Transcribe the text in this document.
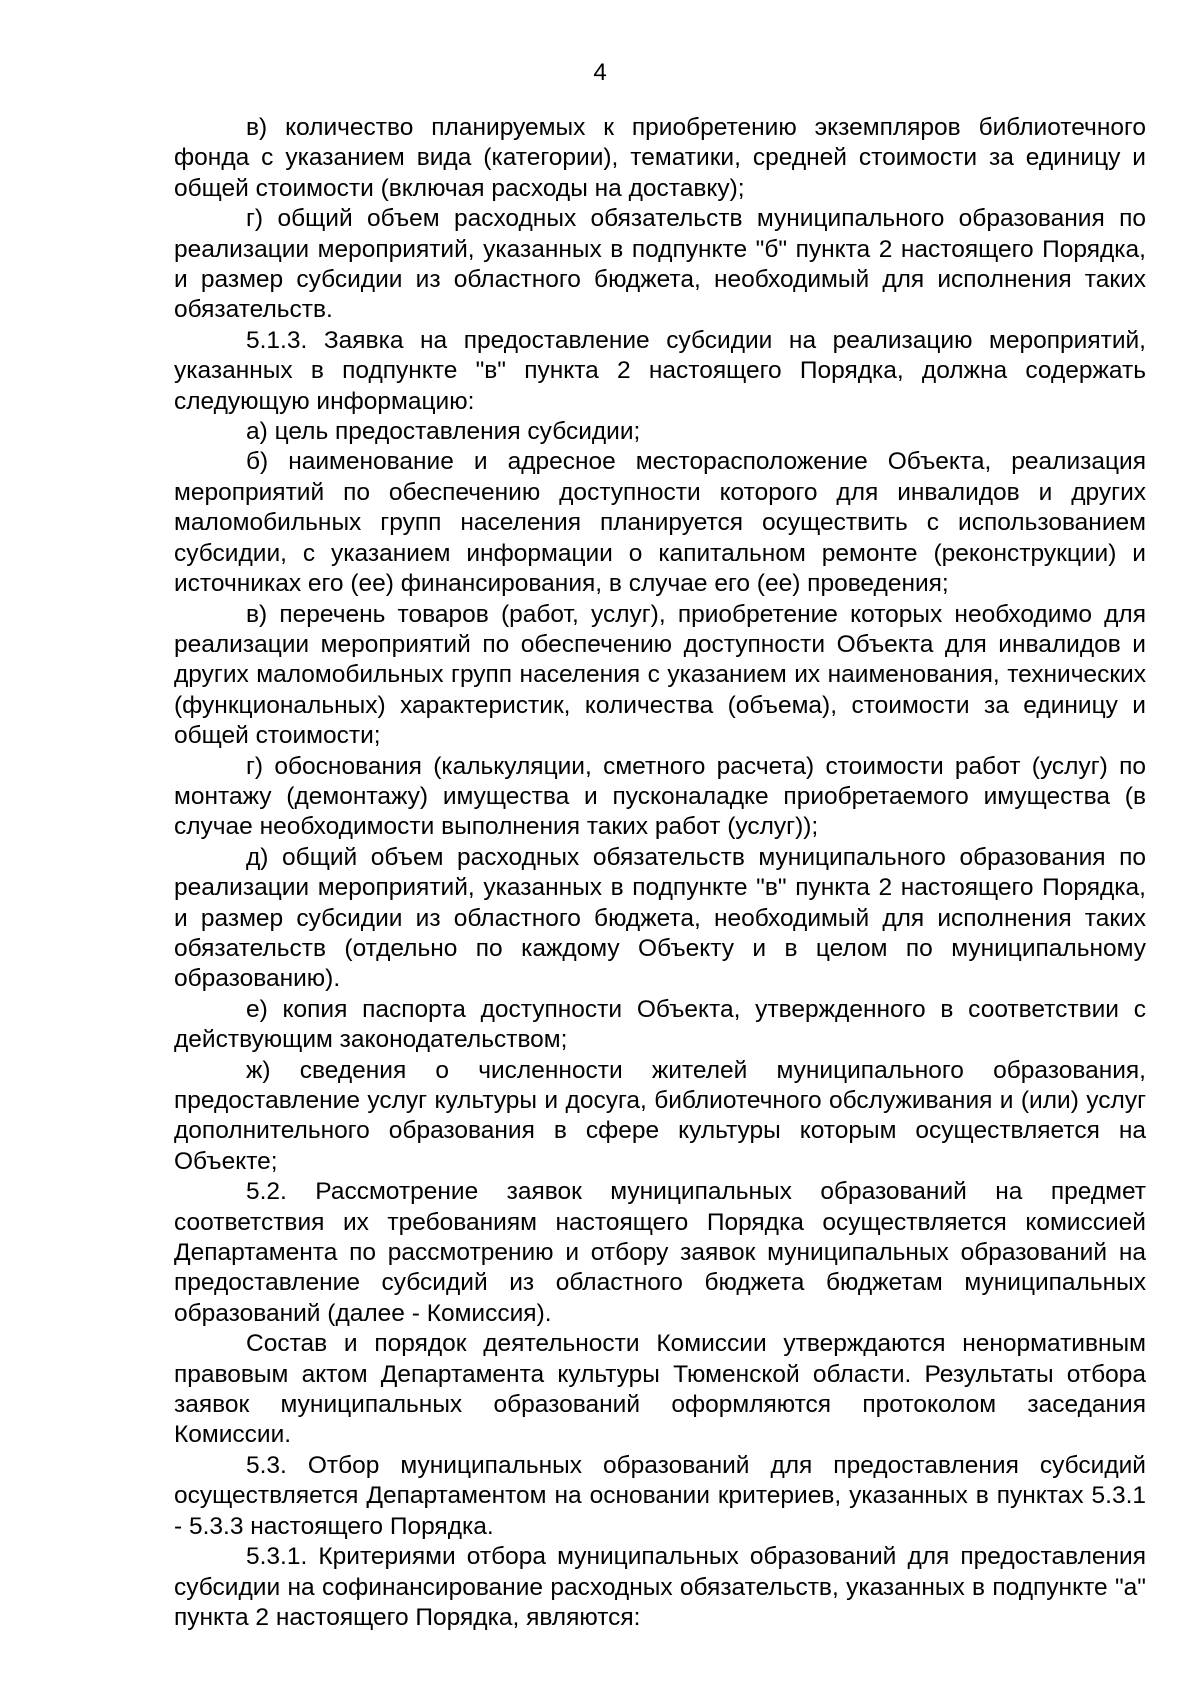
4

в) количество планируемых к приобретению экземпляров библиотечного фонда с указанием вида (категории), тематики, средней стоимости за единицу и общей стоимости (включая расходы на доставку);

г) общий объем расходных обязательств муниципального образования по реализации мероприятий, указанных в подпункте "б" пункта 2 настоящего Порядка, и размер субсидии из областного бюджета, необходимый для исполнения таких обязательств.

5.1.3. Заявка на предоставление субсидии на реализацию мероприятий, указанных в подпункте "в" пункта 2 настоящего Порядка, должна содержать следующую информацию:

а) цель предоставления субсидии;

б) наименование и адресное месторасположение Объекта, реализация мероприятий по обеспечению доступности которого для инвалидов и других маломобильных групп населения планируется осуществить с использованием субсидии, с указанием информации о капитальном ремонте (реконструкции) и источниках его (ее) финансирования, в случае его (ее) проведения;

в) перечень товаров (работ, услуг), приобретение которых необходимо для реализации мероприятий по обеспечению доступности Объекта для инвалидов и других маломобильных групп населения с указанием их наименования, технических (функциональных) характеристик, количества (объема), стоимости за единицу и общей стоимости;

г) обоснования (калькуляции, сметного расчета) стоимости работ (услуг) по монтажу (демонтажу) имущества и пусконаладке приобретаемого имущества (в случае необходимости выполнения таких работ (услуг));

д) общий объем расходных обязательств муниципального образования по реализации мероприятий, указанных в подпункте "в" пункта 2 настоящего Порядка, и размер субсидии из областного бюджета, необходимый для исполнения таких обязательств (отдельно по каждому Объекту и в целом по муниципальному образованию).

е) копия паспорта доступности Объекта, утвержденного в соответствии с действующим законодательством;

ж) сведения о численности жителей муниципального образования, предоставление услуг культуры и досуга, библиотечного обслуживания и (или) услуг дополнительного образования в сфере культуры которым осуществляется на Объекте;

5.2. Рассмотрение заявок муниципальных образований на предмет соответствия их требованиям настоящего Порядка осуществляется комиссией Департамента по рассмотрению и отбору заявок муниципальных образований на предоставление субсидий из областного бюджета бюджетам муниципальных образований (далее - Комиссия).

Состав и порядок деятельности Комиссии утверждаются ненормативным правовым актом Департамента культуры Тюменской области. Результаты отбора заявок муниципальных образований оформляются протоколом заседания Комиссии.

5.3. Отбор муниципальных образований для предоставления субсидий осуществляется Департаментом на основании критериев, указанных в пунктах 5.3.1 - 5.3.3 настоящего Порядка.

5.3.1. Критериями отбора муниципальных образований для предоставления субсидии на софинансирование расходных обязательств, указанных в подпункте "а" пункта 2 настоящего Порядка, являются:
